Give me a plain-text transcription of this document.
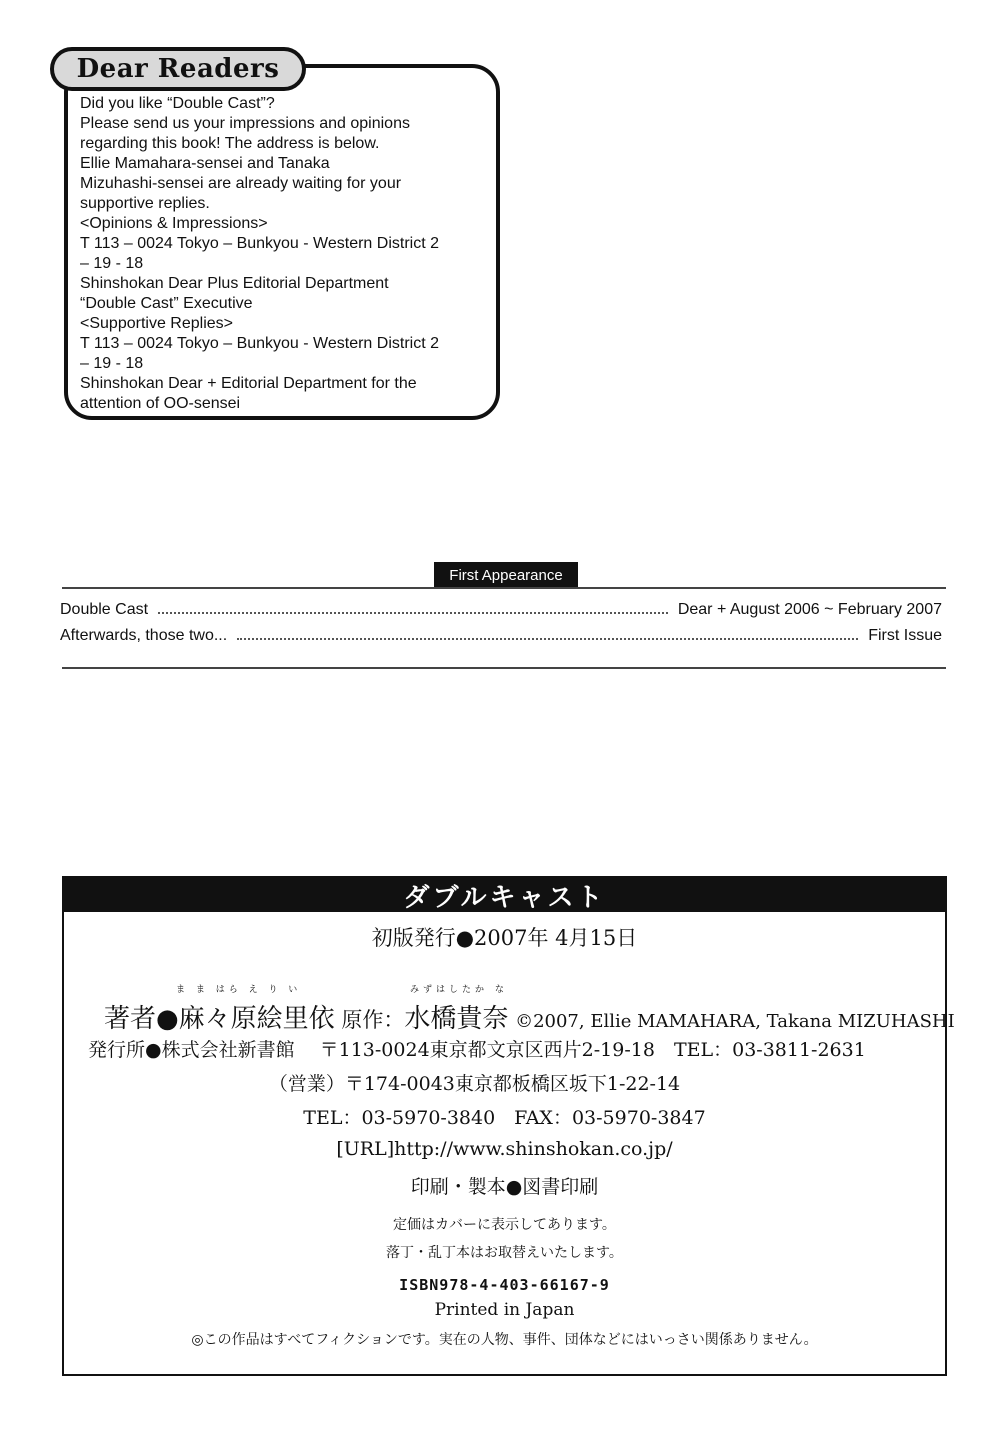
Dear Readers
Did you like “Double Cast”?
Please send us your impressions and opinions
regarding this book! The address is below.
Ellie Mamahara-sensei and Tanaka
Mizuhashi-sensei are already waiting for your
supportive replies.
<Opinions & Impressions>
T 113 – 0024 Tokyo – Bunkyou - Western District 2
– 19 - 18
Shinshokan Dear Plus Editorial Department
“Double Cast” Executive
<Supportive Replies>
T 113 – 0024 Tokyo – Bunkyou - Western District 2
– 19 - 18
Shinshokan Dear + Editorial Department for the
attention of OO-sensei
First Appearance
Double Cast	Dear + August 2006 ~ February 2007
Afterwards, those two...	First Issue
ダブルキャスト
初版発行●2007年 4月15日
ま ま はら え り い	みずはしたか な
著者●麻々原絵里依 原作：水橋貴奈 ©2007, Ellie MAMAHARA, Takana MIZUHASHI
発行所●株式会社新書館　 〒113-0024東京都文京区西片2-19-18　TEL：03-3811-2631
（営業）〒174-0043東京都板橋区坂下1-22-14
TEL：03-5970-3840　FAX：03-5970-3847
[URL]http://www.shinshokan.co.jp/
印刷・製本●図書印刷
定価はカバーに表示してあります。
落丁・乱丁本はお取替えいたします。
ISBN978-4-403-66167-9
Printed in Japan
◎この作品はすべてフィクションです。実在の人物、事件、団体などにはいっさい関係ありません。
